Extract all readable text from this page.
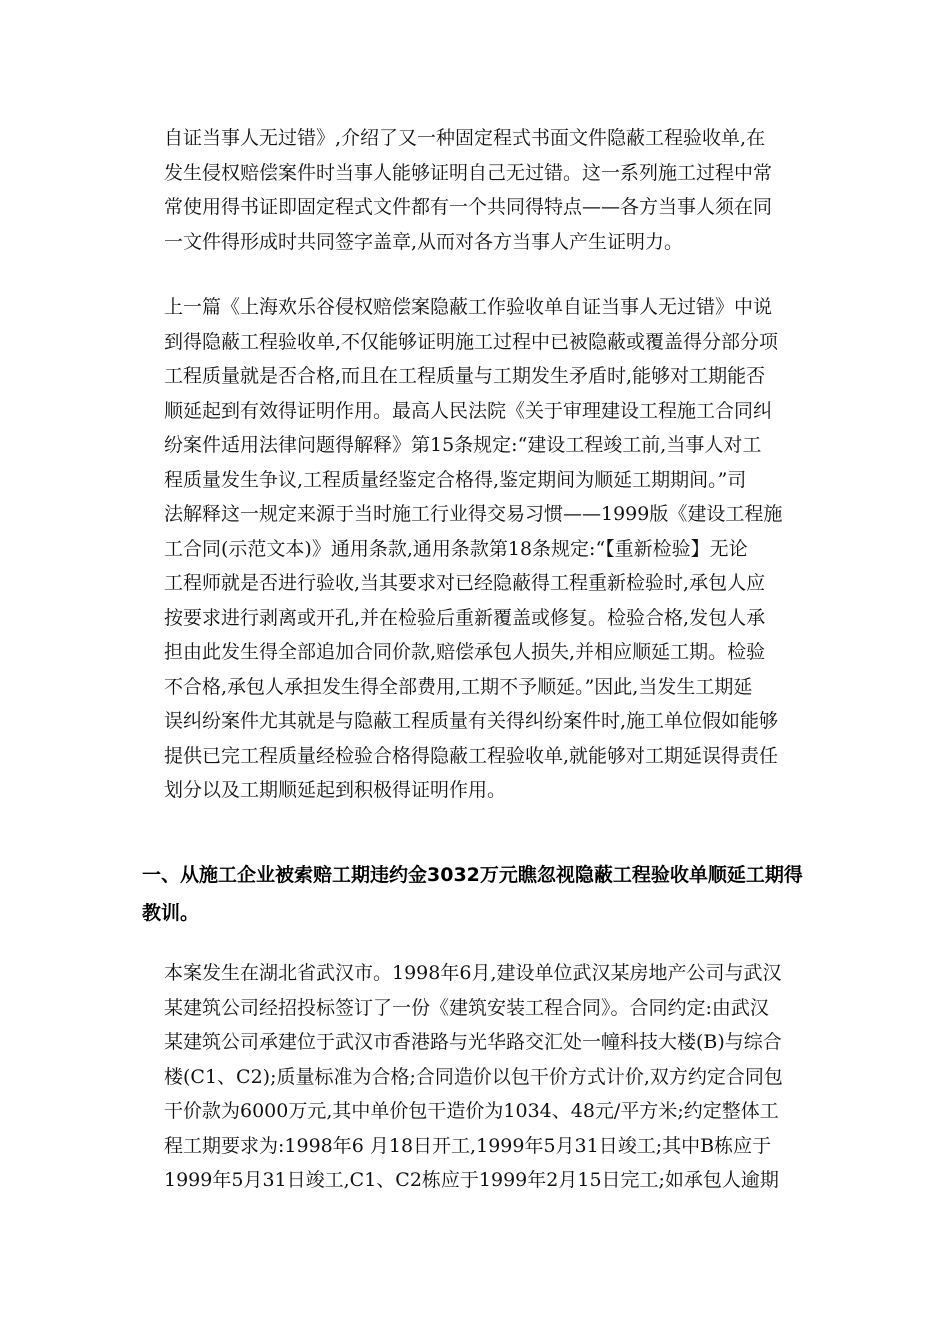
自证当事人无过错》,介绍了又一种固定程式书面文件隐蔽工程验收单,在
发生侵权赔偿案件时当事人能够证明自己无过错。这一系列施工过程中常
常使用得书证即固定程式文件都有一个共同得特点——各方当事人须在同
一文件得形成时共同签字盖章,从而对各方当事人产生证明力。
上一篇《上海欢乐谷侵权赔偿案隐蔽工作验收单自证当事人无过错》中说
到得隐蔽工程验收单,不仅能够证明施工过程中已被隐蔽或覆盖得分部分项
工程质量就是否合格,而且在工程质量与工期发生矛盾时,能够对工期能否
顺延起到有效得证明作用。最高人民法院《关于审理建设工程施工合同纠
纷案件适用法律问题得解释》第15条规定:“建设工程竣工前,当事人对工
程质量发生争议,工程质量经鉴定合格得,鉴定期间为顺延工期期间。”司
法解释这一规定来源于当时施工行业得交易习惯——1999版《建设工程施
工合同(示范文本)》通用条款,通用条款第18条规定:“【重新检验】无论
工程师就是否进行验收,当其要求对已经隐蔽得工程重新检验时,承包人应
按要求进行剥离或开孔,并在检验后重新覆盖或修复。检验合格,发包人承
担由此发生得全部追加合同价款,赔偿承包人损失,并相应顺延工期。检验
不合格,承包人承担发生得全部费用,工期不予顺延。”因此,当发生工期延
误纠纷案件尤其就是与隐蔽工程质量有关得纠纷案件时,施工单位假如能够
提供已完工程质量经检验合格得隐蔽工程验收单,就能够对工期延误得责任
划分以及工期顺延起到积极得证明作用。
一、从施工企业被索赔工期违约金3032万元瞧忽视隐蔽工程验收单顺延工期得
教训。
本案发生在湖北省武汉市。1998年6月,建设单位武汉某房地产公司与武汉
某建筑公司经招投标签订了一份《建筑安装工程合同》。合同约定:由武汉
某建筑公司承建位于武汉市香港路与光华路交汇处一幢科技大楼(B)与综合
楼(C1、C2);质量标准为合格;合同造价以包干价方式计价,双方约定合同包
干价款为6000万元,其中单价包干造价为1034、48元/平方米;约定整体工
程工期要求为:1998年6 月18日开工,1999年5月31日竣工;其中B栋应于
1999年5月31日竣工,C1、C2栋应于1999年2月15日完工;如承包人逾期
